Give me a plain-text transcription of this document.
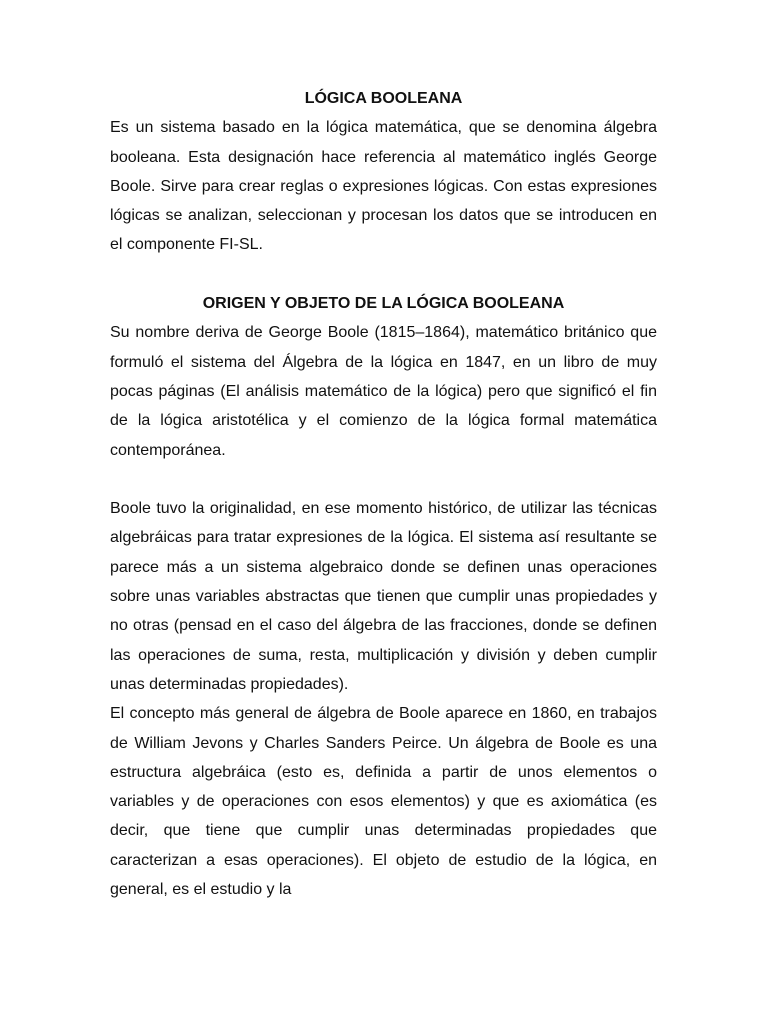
LÓGICA BOOLEANA

Es un sistema basado en la lógica matemática, que se denomina álgebra booleana. Esta designación hace referencia al matemático inglés George Boole. Sirve para crear reglas o expresiones lógicas. Con estas expresiones lógicas se analizan, seleccionan y procesan los datos que se introducen en el componente FI-SL.

ORIGEN Y OBJETO DE LA LÓGICA BOOLEANA

Su nombre deriva de George Boole (1815–1864), matemático británico que formuló el sistema del Álgebra de la lógica en 1847, en un libro de muy pocas páginas (El análisis matemático de la lógica) pero que significó el fin de la lógica aristotélica y el comienzo de la lógica formal matemática contemporánea.

Boole tuvo la originalidad, en ese momento histórico, de utilizar las técnicas algebráicas para tratar expresiones de la lógica. El sistema así resultante se parece más a un sistema algebraico donde se definen unas operaciones sobre unas variables abstractas que tienen que cumplir unas propiedades y no otras (pensad en el caso del álgebra de las fracciones, donde se definen las operaciones de suma, resta, multiplicación y división y deben cumplir unas determinadas propiedades).

El concepto más general de álgebra de Boole aparece en 1860, en trabajos de William Jevons y Charles Sanders Peirce. Un álgebra de Boole es una estructura algebráica (esto es, definida a partir de unos elementos o variables y de operaciones con esos elementos) y que es axiomática (es decir, que tiene que cumplir unas determinadas propiedades que caracterizan a esas operaciones). El objeto de estudio de la lógica, en general, es el estudio y la
